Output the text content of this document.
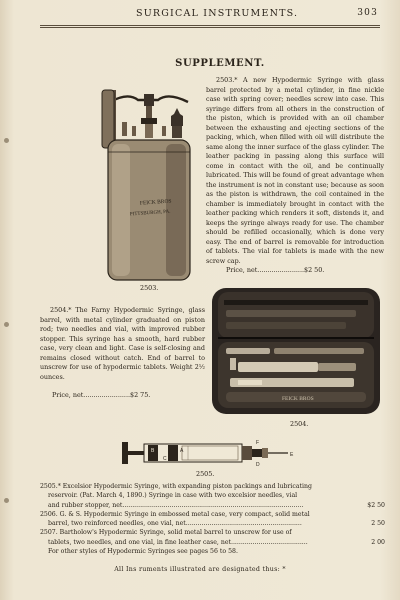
SURGICAL INSTRUMENTS.	303
SUPPLEMENT.
FEICK BROS
PITTSBURGH, PA.
2503.
2503.* A new Hypodermic Syringe with glass barrel protected by a metal cylinder, in fine nickle case with spring cover; needles screw into case. This syringe differs from all others in the construction of the piston, which is provided with an oil chamber between the exhausting and ejecting sections of the packing, which, when filled with oil will distribute the same along the inner surface of the glass cylinder. The leather packing in passing along this surface will come in contact with the oil, and be continually lubricated. This will be found of great advantage when the instrument is not in constant use; because as soon as the piston is withdrawn, the coil contained in the chamber is immediately brought in contact with the leather packing which renders it soft, distends it, and keeps the syringe always ready for use. The chamber should be refilled occasionally, which is done very easy. The end of barrel is removable for introduction of tablets. The vial for tablets is made with the new screw cap.
Price, net.......................$2 50.
2504.* The Farny Hypodermic Syringe, glass barrel, with metal cylinder graduated on piston rod; two needles and vial, with improved rubber stopper. This syringe has a smooth, hard rubber case, very clean and light. Case is self-closing and remains closed without catch. End of barrel to unscrew for use of hypodermic tablets. Weight 2½ ounces.
Price, net.......................$2 75.	FEICK BROS
2504.
B
C
A
F
D
E
2505.
2505.* Excelsior Hypodermic Syringe, with expanding piston packings and lubricating
reservoir. (Pat. March 4, 1890.) Syringe in case with two excelsior needles, vial
and rubber stopper, net............................................................................................	$2 50
2506. G. & S. Hypodermic Syringe in embossed metal case, very compact, solid metal
barrel, two reinforced needles, one vial, net...........................................................	2 50
2507. Bartholow's Hypodermic Syringe, solid metal barrel to unscrew for use of
tablets, two needles, and one vial, in fine leather case, net.......................................	2 00
For other styles of Hypodermic Syringes see pages 56 to 58.
All Ins ruments illustrated are designated thus: *
